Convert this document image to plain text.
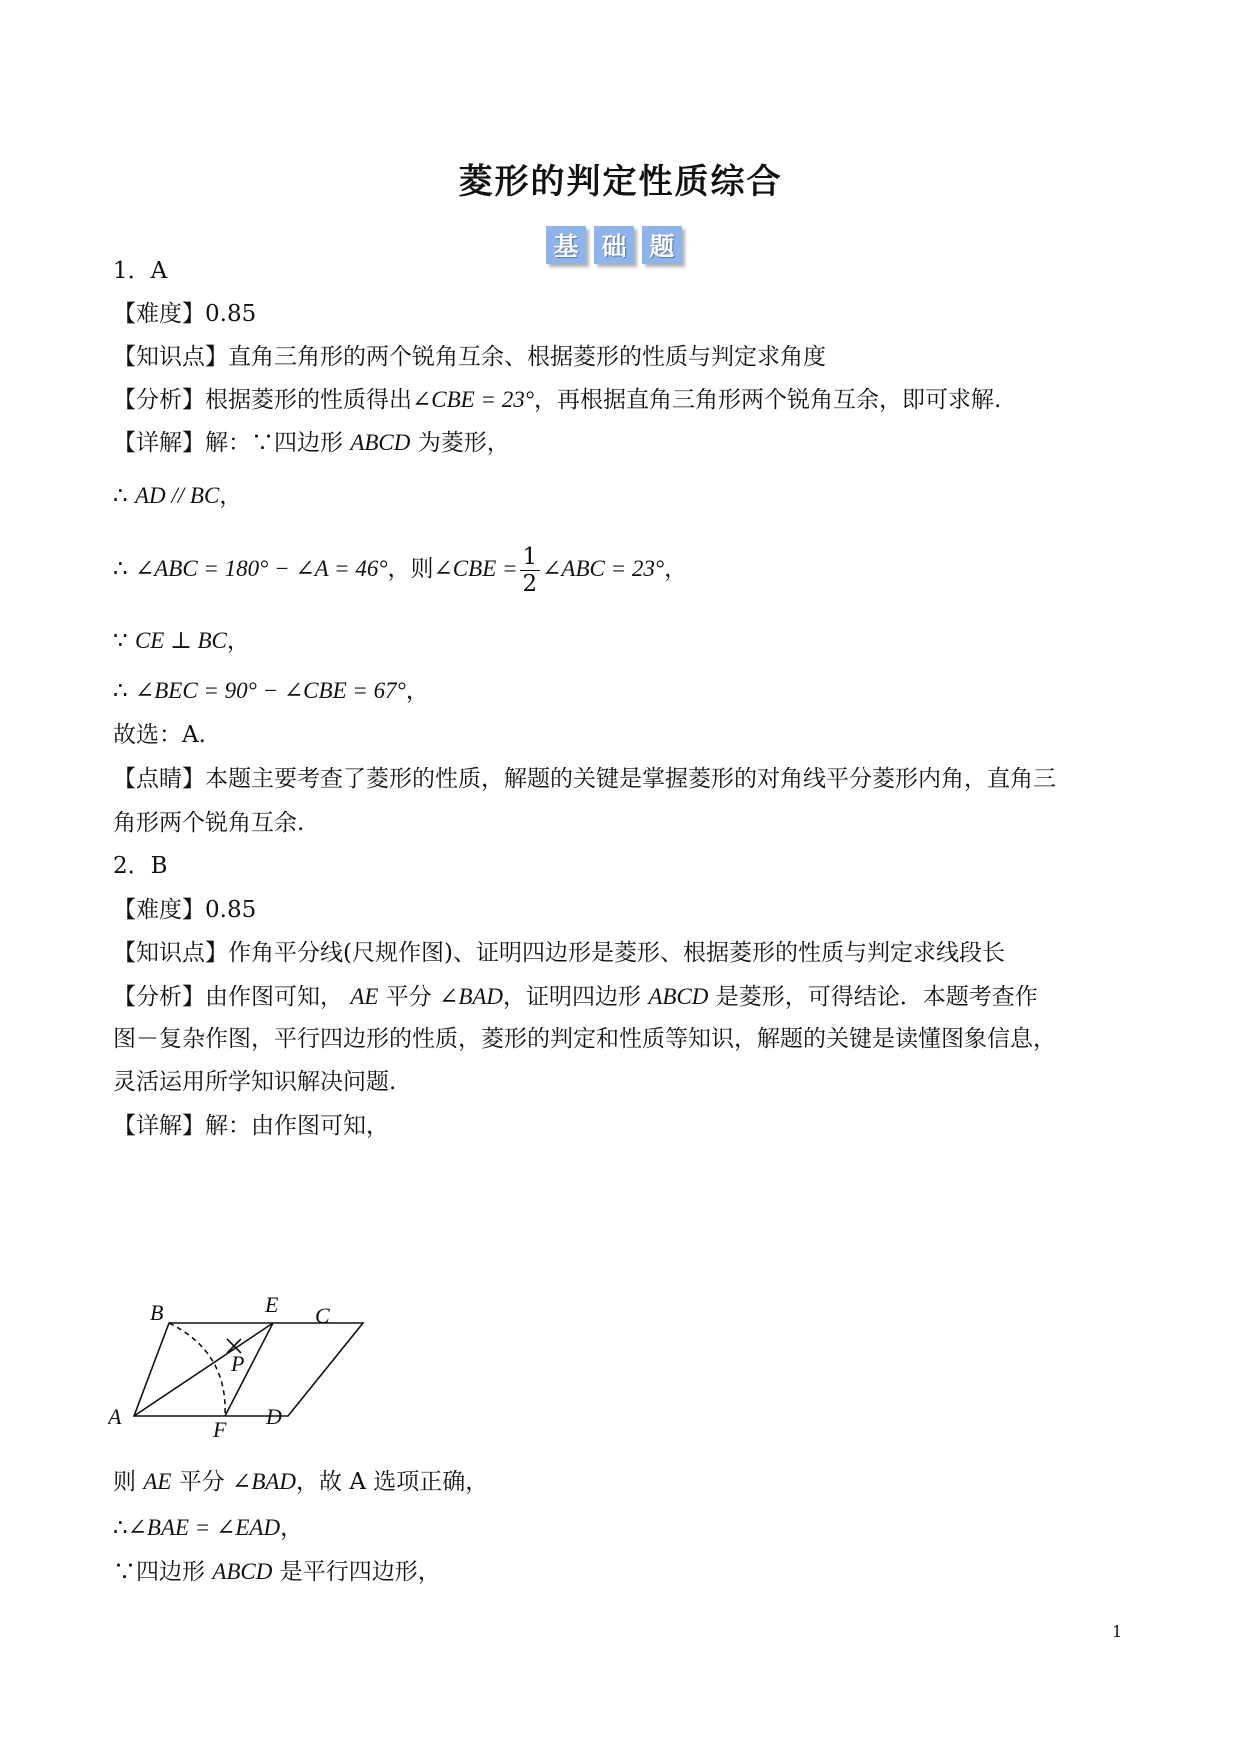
菱形的判定性质综合
基 础 题
1．A
【难度】0.85
【知识点】直角三角形的两个锐角互余、根据菱形的性质与判定求角度
【分析】根据菱形的性质得出∠CBE = 23°，再根据直角三角形两个锐角互余，即可求解.
【详解】解：∵四边形 ABCD 为菱形，
∴ AD // BC，
∴ ∠ABC = 180° − ∠A = 46°，则∠CBE = $\frac{1}{2}$ ∠ABC = 23°，
∵ CE ⊥ BC，
∴ ∠BEC = 90° − ∠CBE = 67°，
故选：A.
【点睛】本题主要考查了菱形的性质，解题的关键是掌握菱形的对角线平分菱形内角，直角三
角形两个锐角互余.
2．B
【难度】0.85
【知识点】作角平分线(尺规作图)、证明四边形是菱形、根据菱形的性质与判定求线段长
【分析】由作图可知， AE 平分 ∠BAD，证明四边形 ABCD 是菱形，可得结论．本题考查作
图－复杂作图，平行四边形的性质，菱形的判定和性质等知识，解题的关键是读懂图象信息，
灵活运用所学知识解决问题.
【详解】解：由作图可知，
A
B	C
D
E
F
P
则 AE 平分 ∠BAD，故 A 选项正确，
∴∠BAE = ∠EAD，
∵四边形 ABCD 是平行四边形，
1
